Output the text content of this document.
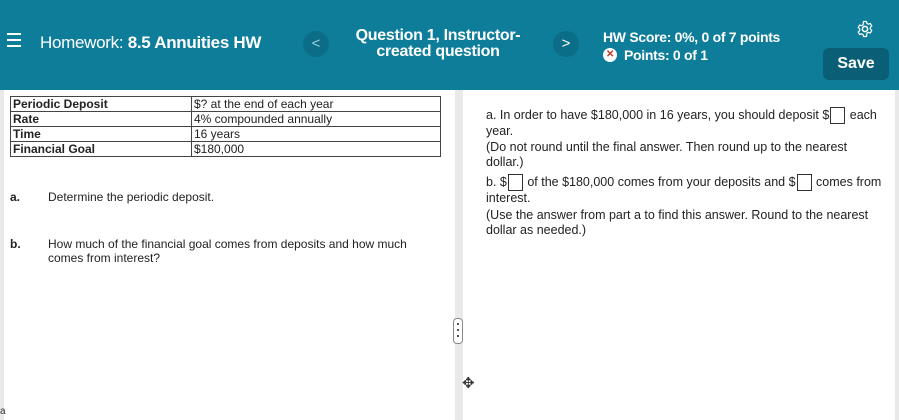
Homework: 8.5 Annuities HW	<	Question 1, Instructor-created question	>	HW Score: 0%, 0 of 7 points
✕ Points: 0 of 1	Save
Periodic Deposit	$? at the end of each year
Rate	4% compounded annually
Time	16 years
Financial Goal	$180,000
a. Determine the periodic deposit.
b. How much of the financial goal comes from deposits and how much comes from interest?
a. In order to have $180,000 in 16 years, you should deposit $ each year.
(Do not round until the final answer. Then round up to the nearest dollar.)
b. $ of the $180,000 comes from your deposits and $ comes from interest.
(Use the answer from part a to find this answer. Round to the nearest dollar as needed.)
✥
a
